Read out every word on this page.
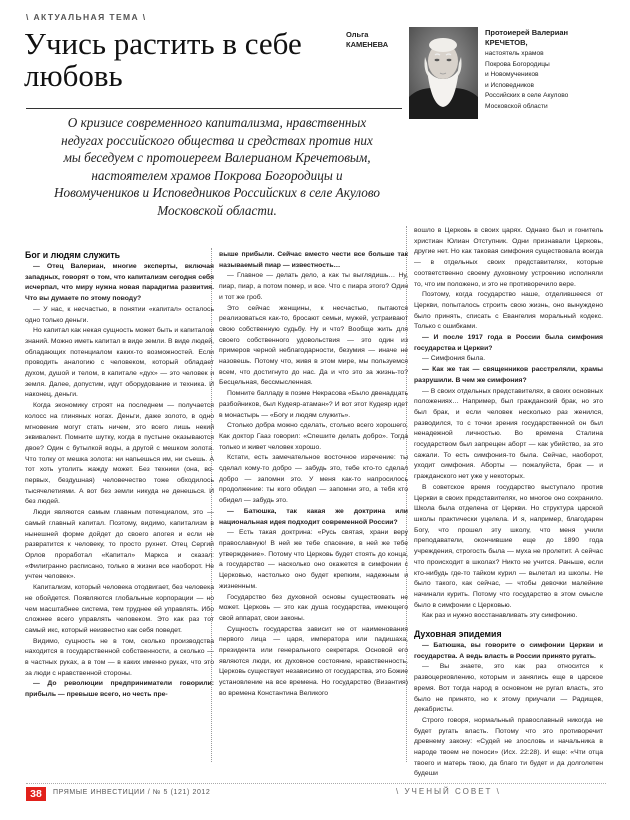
\ АКТУАЛЬНАЯ ТЕМА \
Учись растить в себе любовь
Ольга
КАМЕНЕВА
Протоиерей Валериан КРЕЧЕТОВ,
настоятель храмов
Покрова Богородицы
и Новомучеников
и Исповедников
Российских в селе Акулово
Московской области
О кризисе современного капитализма, нравственных недугах российского общества и средствах против них мы беседуем с протоиереем Валерианом Кречетовым, настоятелем храмов Покрова Богородицы и Новомучеников и Исповедников Российских в селе Акулово Московской области.
Бог и людям служить

— Отец Валериан, многие эксперты, включая западных, говорят о том, что капитализм сегодня себя исчерпал, что миру нужна новая парадигма развития. Что вы думаете по этому поводу?

— У нас, к несчастью, в понятии «капитал» осталось одно только деньги.

Но капитал как некая сущность может быть и капиталом знаний. Можно иметь капитал в виде земли. В виде людей, обладающих потенциалом каких-то возможностей. Если проводить аналогию с человеком, который обладает духом, душой и телом, в капитале «дух» — это человек и земля. Далее, допустим, идут оборудование и техника. И наконец, деньги.

Когда экономику строят на последнем — получается колосс на глиняных ногах. Деньги, даже золото, в одно мгновение могут стать ничем, это всего лишь некий эквивалент. Помните шутку, когда в пустыне оказываются двое? Один с бутылкой воды, а другой с мешком золота. Что толку от мешка золота: ни напьешься им, ни съешь. А тот хоть утолить жажду может. Без техники (она, во-первых, бездушная) человечество тоже обходилось тысячелетиями. А вот без земли никуда не денешься. И без людей.

Люди являются самым главным потенциалом, это — самый главный капитал. Поэтому, видимо, капитализм в нынешней форме дойдет до своего апогея и если не развратится к человеку, то просто рухнет. Отец Сергий Орлов проработал «Капитал» Маркса и сказал: «Филигранно расписано, только в жизни все наоборот. Не учтен человек».

Капитализм, который человека отодвигает, без человека не обойдется. Появляются глобальные корпорации — но чем масштабнее система, тем труднее ей управлять. Ибо сложнее всего управлять человеком. Это как раз тот самый икс, который неизвестно как себя поведет.

Видимо, сущность не в том, сколько производства находится в государственной собственности, а сколько — в частных руках, а в том — в каких именно руках, что это за люди с нравственной стороны.

— До революции предприниматели говорили: прибыль — превыше всего, но честь пре-

выше прибыли. Сейчас вместо чести все больше так называемый пиар — известность…

— Главное — делать дело, а как ты выглядишь… Ну, пиар, пиар, а потом помер, и все. Что с пиара этого? Один и тот же гроб.

Это сейчас женщины, к несчастью, пытаются реализоваться как-то, бросают семьи, мужей, устраивают свою собственную судьбу. Ну и что? Вообще жить для своего собственного удовольствия — это один из примеров черной неблагодарности, безумия — иначе не назовешь. Потому что, живя в этом мире, мы пользуемся всем, что достигнуто до нас. Да и что это за жизнь-то? Бесцельная, бессмысленная.

Помните балладу в поэме Некрасова «Было двенадцать разбойников, был Кудеяр-атаман»? И вот этот Кудеяр идет в монастырь — «Богу и людям служить».

Столько добра можно сделать, столько всего хорошего. Как доктор Гааз говорил: «Спешите делать добро». Тогда только и живет человек хорошо.

Кстати, есть замечательное восточное изречение: ты сделал кому-то добро — забудь это, тебе кто-то сделал добро — запомни это. У меня как-то напросилось продолжение: ты кого обидел — запомни это, а тебя кто обидел — забудь это.

— Батюшка, так какая же доктрина или национальная идея подходит современной России?

— Есть такая доктрина: «Русь святая, храни веру православную! В ней же тебе спасение, в ней же тебе утверждение». Потому что Церковь будет стоять до конца, а государство — насколько оно окажется в симфонии с Церковью, настолько оно будет крепким, надежным и жизненным.

Государство без духовной основы существовать не может. Церковь — это как душа государства, имеющего свой аппарат, свои законы.

Сущность государства зависит не от наименования первого лица — царя, императора или падишаха, президента или генерального секретаря. Основой его являются люди, их духовное состояние, нравственность. Церковь существует независимо от государства, это Божие установление на все времена. Но государство (Византия) во времена Константина Великого

вошло в Церковь в своих царях. Однако был и гонитель христиан Юлиан Отступник. Одни признавали Церковь, другие нет. Но как таковая симфония существовала всегда — в отдельных своих представителях, которые соответственно своему духовному устроению исполняли то, что им положено, и это не противоречило вере.

Поэтому, когда государство наше, отделившееся от Церкви, попыталось строить свою жизнь, оно вынуждено было принять, списать с Евангелия моральный кодекс. Только с ошибками.

— И после 1917 года в России была симфония государства и Церкви?

— Симфония была.

— Как же так — священников расстреляли, храмы разрушили. В чем же симфония?

— В своих отдельных представителях, в своих основных положениях… Например, был гражданский брак, но это был брак, и если человек несколько раз женился, разводился, то с точки зрения государственной он был ненадежной личностью. Во времена Сталина государством был запрещен аборт — как убийство, за это сажали. То есть симфония-то была. Сейчас, наоборот, уходит симфония. Аборты — пожалуйста, брак — и гражданского нет уже у некоторых.

В советское время государство выступало против Церкви в своих представителях, но многое оно сохранило. Школа была отделена от Церкви. Но структура царской школы практически уцелела. И я, например, благодарен Богу, что прошел эту школу, что меня учили преподаватели, окончившие еще до 1890 года учреждения, строгость была — муха не пролетит. А сейчас что происходит в школах? Никто не учится. Раньше, если кто-нибудь где-то тайком курил — вылетал из школы. Не было такого, как сейчас, — чтобы девочки малейние начинали курить. Потому что государство в этом смысле было в симфонии с Церковью.

Как раз и нужно восстанавливать эту симфонию.

Духовная эпидемия

— Батюшка, вы говорите о симфонии Церкви и государства. А ведь власть в России принято ругать.

— Вы знаете, это как раз относится к развоцерковлению, которым и занялись еще в царское время. Вот тогда народ в основном не ругал власть, это было не принято, но к этому приучали — Радищев, декабристы.

Строго говоря, нормальный православный никогда не будет ругать власть. Потому что это противоречит древнему закону: «Судей не злословь и начальника в народе твоем не поноси» (Исх. 22:28). И еще: «Чти отца твоего и матерь твою, да благо ти будет и да долголетен будеши

38	ПРЯМЫЕ ИНВЕСТИЦИИ / № 5 (121) 2012	\ УЧЕНЫЙ СОВЕТ \
